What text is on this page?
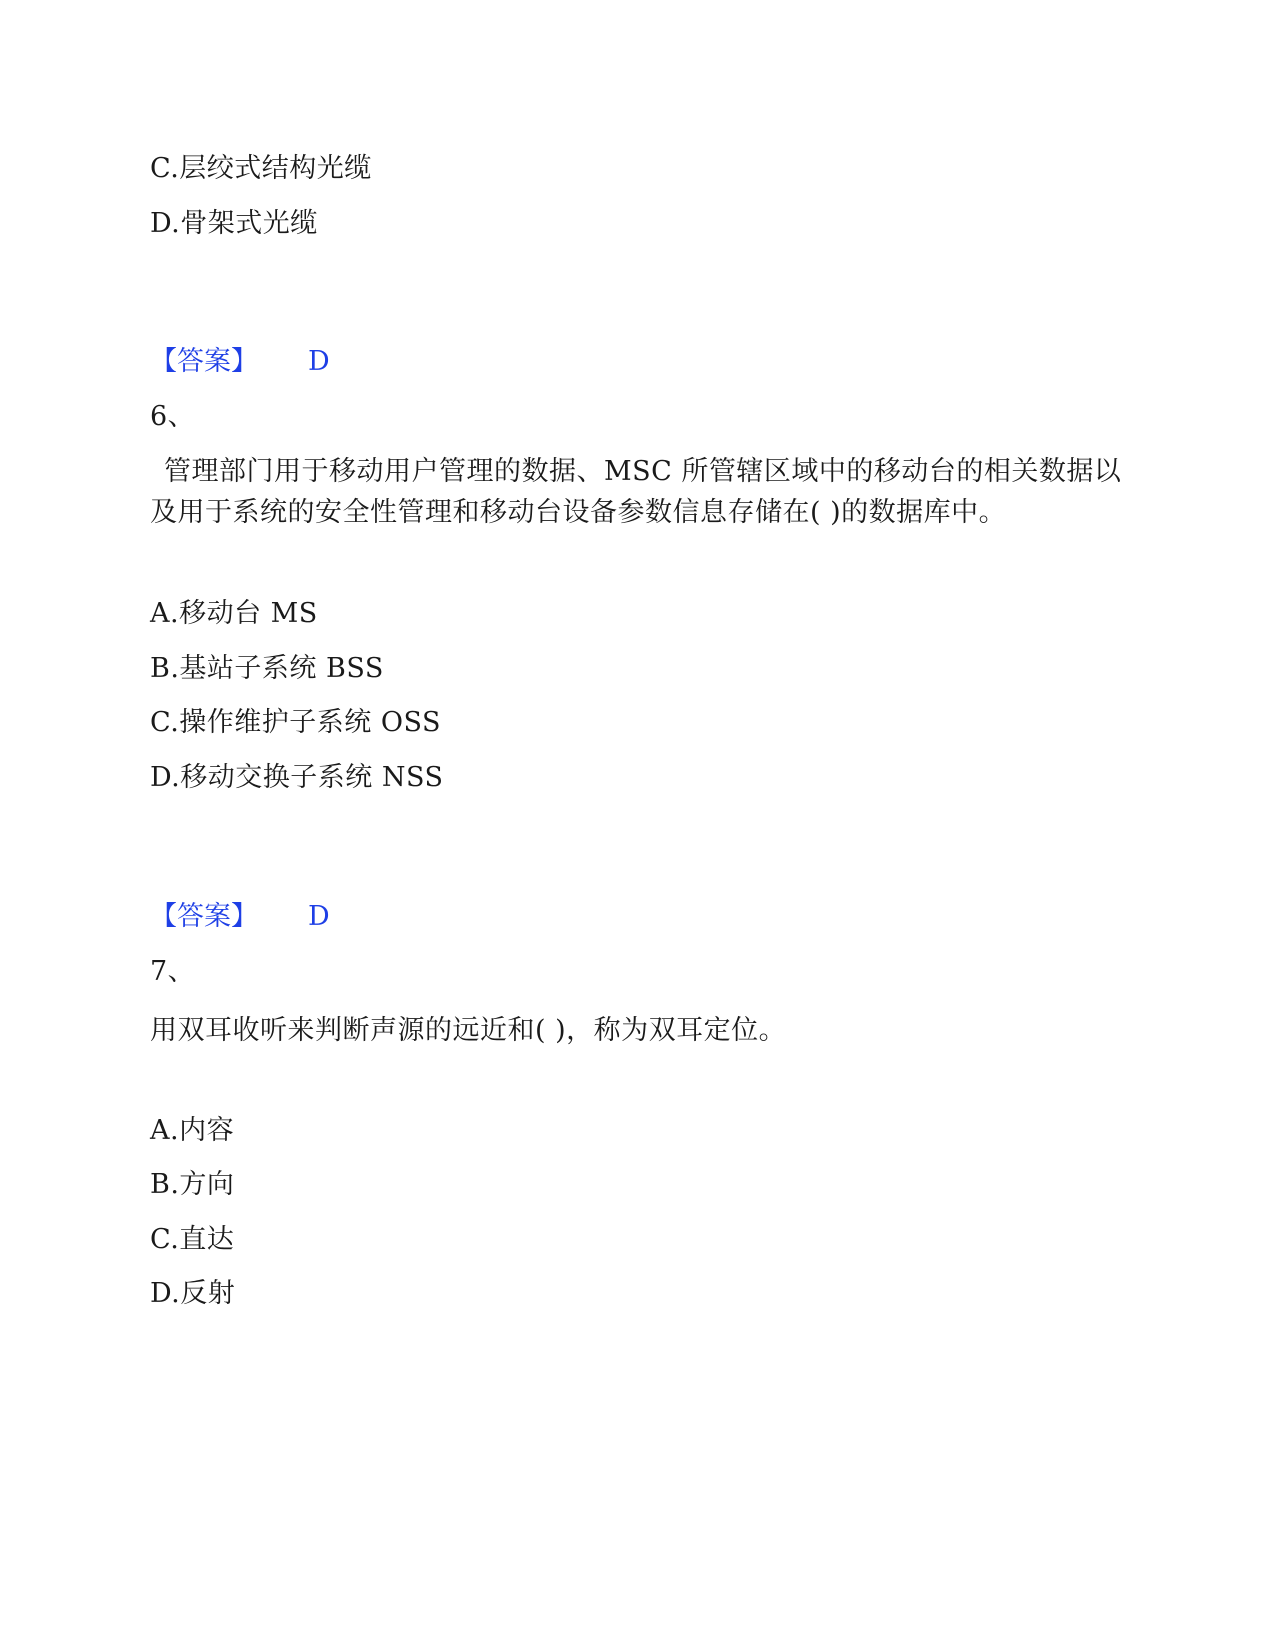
C.层绞式结构光缆
D.骨架式光缆
【答案】 D
6、
管理部门用于移动用户管理的数据、MSC 所管辖区域中的移动台的相关数据以及用于系统的安全性管理和移动台设备参数信息存储在( )的数据库中。
A.移动台 MS
B.基站子系统 BSS
C.操作维护子系统 OSS
D.移动交换子系统 NSS
【答案】 D
7、
用双耳收听来判断声源的远近和( )，称为双耳定位。
A.内容
B.方向
C.直达
D.反射
